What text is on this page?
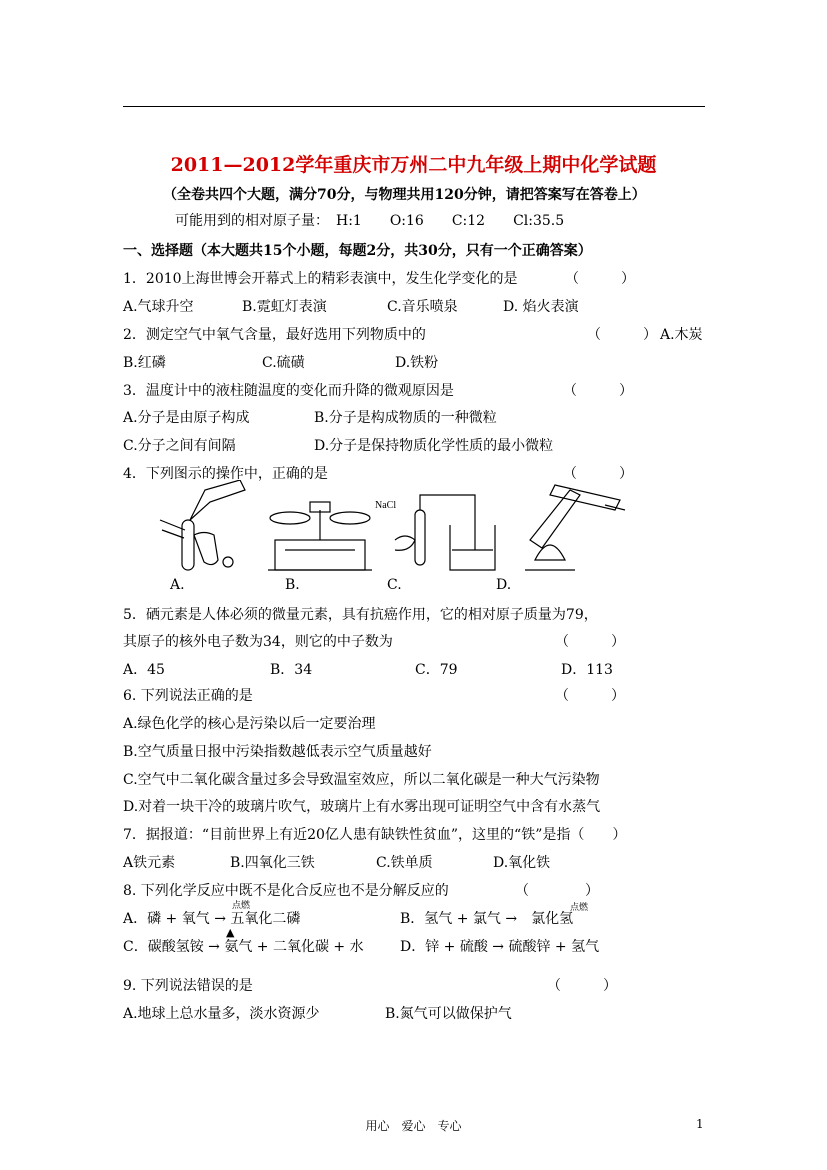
2011—2012学年重庆市万州二中九年级上期中化学试题
（全卷共四个大题，满分70分，与物理共用120分钟，请把答案写在答卷上）
可能用到的相对原子量：　H:1　　O:16　　C:12　　Cl:35.5
一、选择题（本大题共15个小题，每题2分，共30分，只有一个正确答案）
1．2010上海世博会开幕式上的精彩表演中，发生化学变化的是	（　　　）
A.气球升空	B.霓虹灯表演	C.音乐喷泉	D. 焰火表演
2．测定空气中氧气含量，最好选用下列物质中的	（　　　） A.木炭
B.红磷	C.硫磺	D.铁粉
3．温度计中的液柱随温度的变化而升降的微观原因是	（　　　）
A.分子是由原子构成	B.分子是构成物质的一种微粒
C.分子之间有间隔	D.分子是保持物质化学性质的最小微粒
4．下列图示的操作中，正确的是	（　　　）
NaCl
A.	B.	C.	D.
5．硒元素是人体必须的微量元素，具有抗癌作用，它的相对原子质量为79，
其原子的核外电子数为34，则它的中子数为	（　　　）
A．45	B．34	C．79	D．113
6. 下列说法正确的是	（　　　）
A.绿色化学的核心是污染以后一定要治理
B.空气质量日报中污染指数越低表示空气质量越好
C.空气中二氧化碳含量过多会导致温室效应，所以二氧化碳是一种大气污染物
D.对着一块干冷的玻璃片吹气，玻璃片上有水雾出现可证明空气中含有水蒸气
7．据报道：“目前世界上有近20亿人患有缺铁性贫血”，这里的“铁”是指（　　）
A铁元素	B.四氧化三铁	C.铁单质	D.氧化铁
8. 下列化学反应中既不是化合反应也不是分解反应的	（　　　　）
点燃	点燃
A．磷 + 氧气 → 五氧化二磷	B．氢气 + 氯气 →　氯化氢
▲
C．碳酸氢铵 → 氨气 + 二氧化碳 + 水	D．锌 + 硫酸 → 硫酸锌 + 氢气
9. 下列说法错误的是	（　　　）
A.地球上总水量多，淡水资源少	B.氮气可以做保护气
用心　爱心　专心	1
